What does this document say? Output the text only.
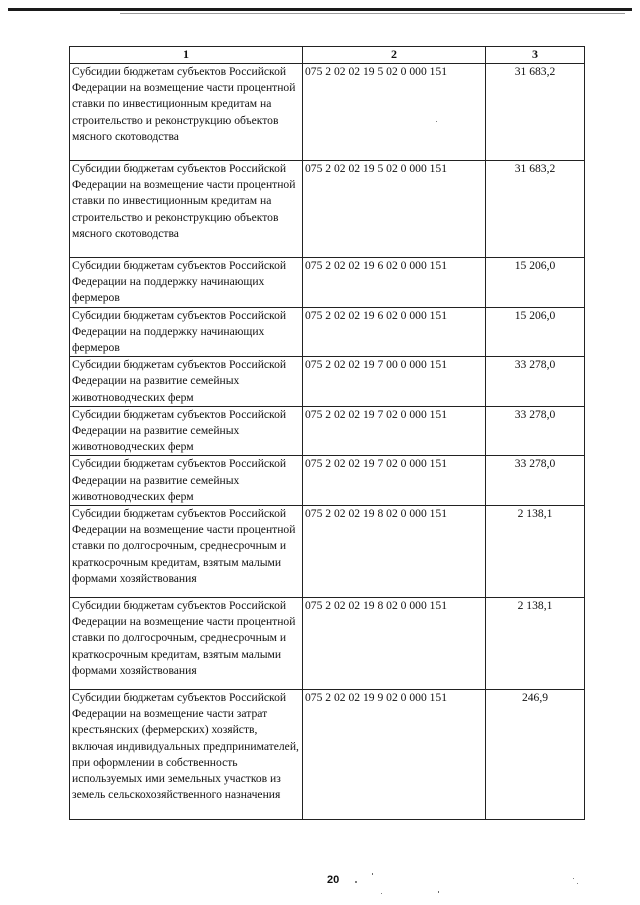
1	2	3
Субсидии бюджетам субъектов Российской Федерации на возмещение части процентной ставки по инвестиционным кредитам на строительство и реконструкцию объектов мясного скотоводства	075 2 02 02 19 5 02 0 000 151	31 683,2
Субсидии бюджетам субъектов Российской Федерации на возмещение части процентной ставки по инвестиционным кредитам на строительство и реконструкцию объектов мясного скотоводства	075 2 02 02 19 5 02 0 000 151	31 683,2
Субсидии бюджетам субъектов Российской Федерации на поддержку начинающих фермеров	075 2 02 02 19 6 02 0 000 151	15 206,0
Субсидии бюджетам субъектов Российской Федерации на поддержку начинающих фермеров	075 2 02 02 19 6 02 0 000 151	15 206,0
Субсидии бюджетам субъектов Российской Федерации на развитие семейных животноводческих ферм	075 2 02 02 19 7 00 0 000 151	33 278,0
Субсидии бюджетам субъектов Российской Федерации на развитие семейных животноводческих ферм	075 2 02 02 19 7 02 0 000 151	33 278,0
Субсидии бюджетам субъектов Российской Федерации на развитие семейных животноводческих ферм	075 2 02 02 19 7 02 0 000 151	33 278,0
Субсидии бюджетам субъектов Российской Федерации на возмещение части процентной ставки по долгосрочным, среднесрочным и краткосрочным кредитам, взятым малыми формами хозяйствования	075 2 02 02 19 8 02 0 000 151	2 138,1
Субсидии бюджетам субъектов Российской Федерации на возмещение части процентной ставки по долгосрочным, среднесрочным и краткосрочным кредитам, взятым малыми формами хозяйствования	075 2 02 02 19 8 02 0 000 151	2 138,1
Субсидии бюджетам субъектов Российской Федерации на возмещение части затрат крестьянских (фермерских) хозяйств, включая индивидуальных предпринимателей, при оформлении в собственность используемых ими земельных участков из земель сельскохозяйственного назначения	075 2 02 02 19 9 02 0 000 151	246,9
20
